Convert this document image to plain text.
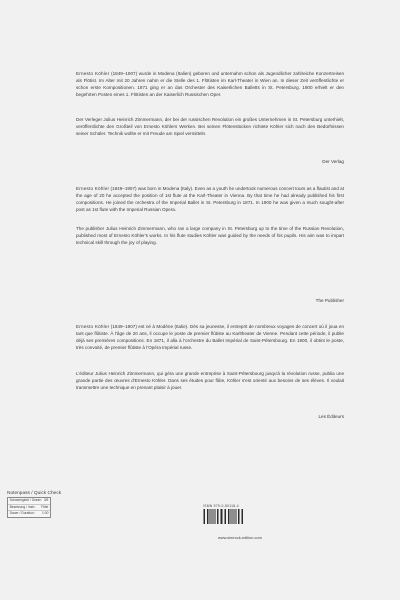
Ernesto Köhler (1849–1907) wurde in Modena (Italien) geboren und unternahm schon als Jugendlicher zahlreiche Konzertreisen als Flötist. Im Alter mit 20 Jahren nahm er die Stelle des 1. Flötisten im Karl-Theater in Wien an. In dieser Zeit veröffentlichte er schon erste Kompositionen. 1871 ging er an das Orchester des Kaiserlichen Balletts in St. Petersburg. 1900 erhielt er den begehrten Posten eines 1. Flötisten an der Kaiserlich Russischen Oper.

Der Verleger Julius Heinrich Zimmermann, der bei der russischen Revolution ein großes Unternehmen in St. Petersburg unterhielt, veröffentlichte den Großteil von Ernesto Köhlers Werken. Bei seinen Flötenstücken richtete Köhler sich nach den Bedürfnissen seiner Schüler. Technik wollte er mit Freude am Spiel vermitteln.

Der Verlag

Ernesto Köhler (1849–1907) was born in Modena (Italy). Even as a youth he undertook numerous concert tours as a flautist and at the age of 20 he accepted the position of 1st flute at the Karl-Theater in Vienna. By that time he had already published his first compositions. He joined the orchestra of the Imperial Ballet in St. Petersburg in 1871. In 1900 he was given a much sought-after post as 1st flute with the Imperial Russian Opera.

The publisher Julius Heinrich Zimmermann, who ran a large company in St. Petersburg up to the time of the Russian Revolution, published most of Ernesto Köhler's works. In his flute studies Köhler was guided by the needs of his pupils. His aim was to impart technical skill through the joy of playing.

The Publisher

Ernesto Köhler (1849–1907) est né à Modène (Italie). Dès sa jeunesse, il entreprit de nombreux voyages de concert où il joua en tant que flûtiste. À l'âge de 20 ans, il occupe le poste de premier flûtiste au Karltheater de Vienne. Pendant cette période, il publie déjà ses premières compositions. En 1871, il alla à l'orchestre du Ballet Impérial de Saint-Pétersbourg. En 1900, il obtint le poste, très convoité, de premier flûtiste à l'Opéra Impérial russe.

L'éditeur Julius Heinrich Zimmermann, qui géra une grande entreprise à Saint-Pétersbourg jusqu'à la révolution russe, publia une grande partie des œuvres d'Ernesto Köhler. Dans ses études pour flûte, Köhler s'est orienté aux besoins de ses élèves. Il voulait transmettre une technique en prenant plaisir à jouer.

Les Éditeurs

Notenpass / Quick Check
Schwierigkeit / Grade: 3/5
Besetzung / Instr.: Flöte
Dauer / Duration: 1:00
ISMN 979-0-50118-4
www.simrock-edition.com
